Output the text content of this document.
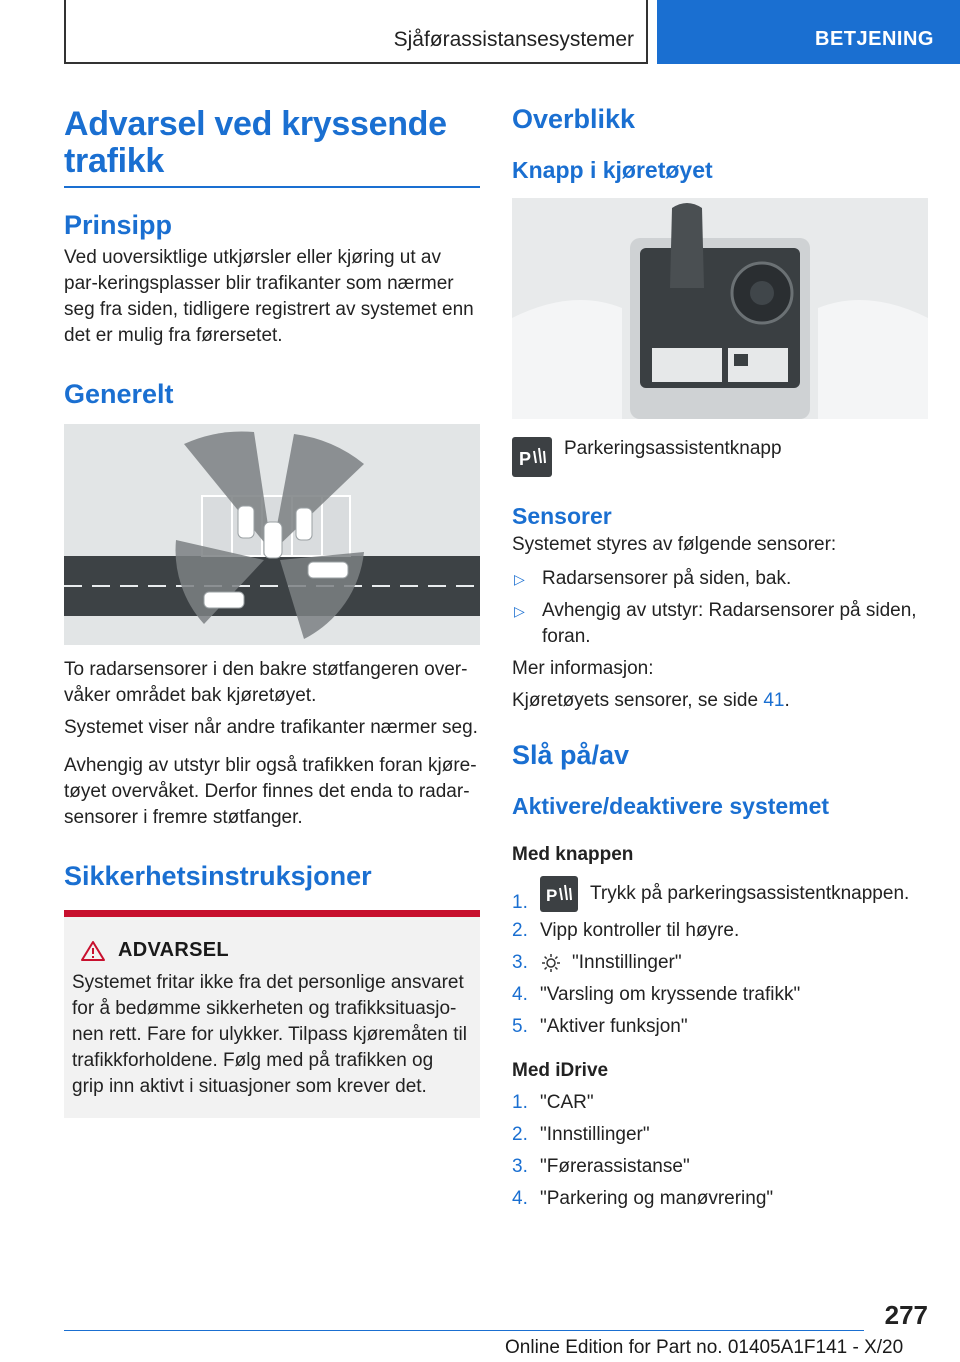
Sjåførassistansesystemer	BETJENING
Advarsel ved kryssende trafikk
Prinsipp

Ved uoversiktlige utkjørsler eller kjøring ut av par-keringsplasser blir trafikanter som nærmer seg fra siden, tidligere registrert av systemet enn det er mulig fra førersetet.

Generelt

To radarsensorer i den bakre støtfangeren over-våker området bak kjøretøyet.

Systemet viser når andre trafikanter nærmer seg.

Avhengig av utstyr blir også trafikken foran kjøre-tøyet overvåket. Derfor finnes det enda to radar-sensorer i fremre støtfanger.

Sikkerhetsinstruksjoner
ADVARSEL

Systemet fritar ikke fra det personlige ansvaret for å bedømme sikkerheten og trafikksituasjo-nen rett. Fare for ulykker. Tilpass kjøremåten til trafikkforholdene. Følg med på trafikken og grip inn aktivt i situasjoner som krever det.

Overblikk
Knapp i kjøretøyet
P Parkeringsassistentknapp
Sensorer

Systemet styres av følgende sensorer:

▷ Radarsensorer på siden, bak.
▷ Avhengig av utstyr: Radarsensorer på siden, foran.

Mer informasjon:

Kjøretøyets sensorer, se side 41.

Slå på/av
Aktivere/deaktivere systemet
Med knappen
1. P Trykk på parkeringsassistentknappen.
2. Vipp kontroller til høyre.
3. "Innstillinger"
4. "Varsling om kryssende trafikk"
5. "Aktiver funksjon"
Med iDrive
1. "CAR"
2. "Innstillinger"
3. "Førerassistanse"
4. "Parkering og manøvrering"
277
Online Edition for Part no. 01405A1F141 - X/20
